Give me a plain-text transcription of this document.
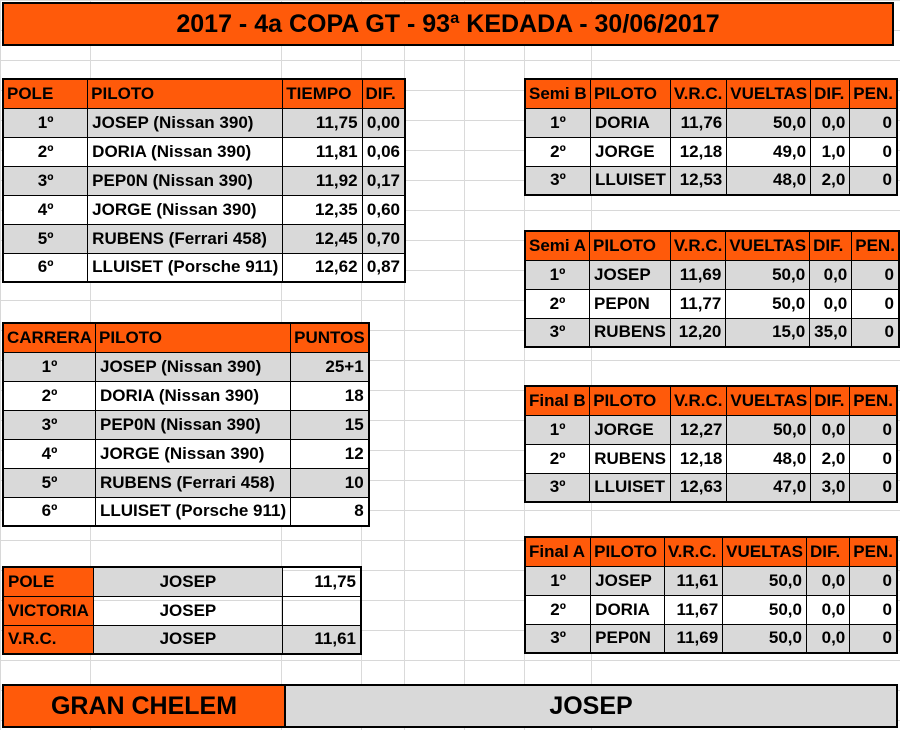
2017 - 4a COPA GT - 93ª KEDADA - 30/06/2017
POLE	PILOTO	TIEMPO	DIF.
1º	JOSEP (Nissan 390)	11,75	0,00
2º	DORIA (Nissan 390)	11,81	0,06
3º	PEP0N (Nissan 390)	11,92	0,17
4º	JORGE (Nissan 390)	12,35	0,60
5º	RUBENS (Ferrari 458)	12,45	0,70
6º	LLUISET (Porsche 911)	12,62	0,87
CARRERA	PILOTO	PUNTOS
1º	JOSEP (Nissan 390)	25+1
2º	DORIA (Nissan 390)	18
3º	PEP0N (Nissan 390)	15
4º	JORGE (Nissan 390)	12
5º	RUBENS (Ferrari 458)	10
6º	LLUISET (Porsche 911)	8
POLE	JOSEP	11,75
VICTORIA	JOSEP	
V.R.C.	JOSEP	11,61
Semi B	PILOTO	V.R.C.	VUELTAS	DIF.	PEN.
1º	DORIA	11,76	50,0	0,0	0
2º	JORGE	12,18	49,0	1,0	0
3º	LLUISET	12,53	48,0	2,0	0
Semi A	PILOTO	V.R.C.	VUELTAS	DIF.	PEN.
1º	JOSEP	11,69	50,0	0,0	0
2º	PEP0N	11,77	50,0	0,0	0
3º	RUBENS	12,20	15,0	35,0	0
Final B	PILOTO	V.R.C.	VUELTAS	DIF.	PEN.
1º	JORGE	12,27	50,0	0,0	0
2º	RUBENS	12,18	48,0	2,0	0
3º	LLUISET	12,63	47,0	3,0	0
Final A	PILOTO	V.R.C.	VUELTAS	DIF.	PEN.
1º	JOSEP	11,61	50,0	0,0	0
2º	DORIA	11,67	50,0	0,0	0
3º	PEP0N	11,69	50,0	0,0	0
GRAN CHELEM	JOSEP
